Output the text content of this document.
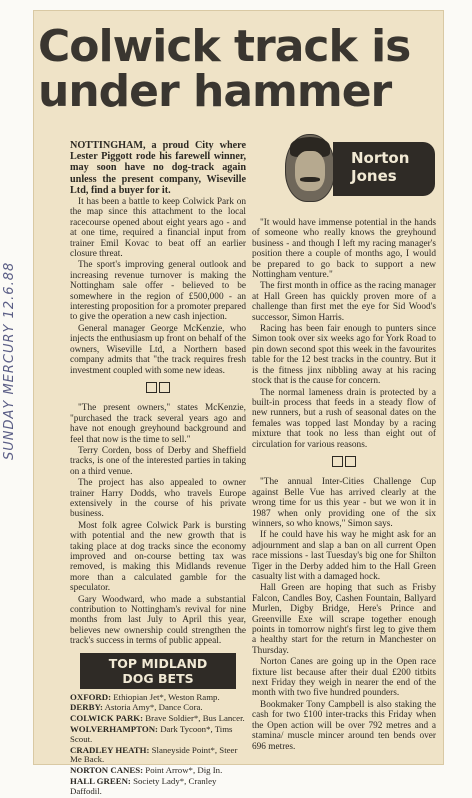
SUNDAY MERCURY 12.6.88
Colwick track is
under hammer
Norton
Jones

NOTTINGHAM, a proud City where Lester Piggott rode his farewell winner, may soon have no dog-track again unless the present company, Wiseville Ltd, find a buyer for it.

It has been a battle to keep Colwick Park on the map since this attachment to the local racecourse opened about eight years ago - and at one time, required a financial input from trainer Emil Kovac to beat off an earlier closure threat.

The sport's improving general outlook and increasing revenue turnover is making the Nottingham sale offer - believed to be somewhere in the region of £500,000 - an interesting proposition for a promoter prepared to give the operation a new cash injection.

General manager George McKenzie, who injects the enthusiasm up front on behalf of the owners, Wiseville Ltd, a Northern based company admits that "the track requires fresh investment coupled with some new ideas.

"The present owners," states McKenzie, "purchased the track several years ago and have not enough greyhound background and feel that now is the time to sell."

Terry Corden, boss of Derby and Sheffield tracks, is one of the interested parties in taking on a third venue.

The project has also appealed to owner trainer Harry Dodds, who travels Europe extensively in the course of his private business.

Most folk agree Colwick Park is bursting with potential and the new growth that is taking place at dog tracks since the economy improved and on-course betting tax was removed, is making this Midlands revenue more than a calculated gamble for the speculator.

Gary Woodward, who made a substantial contribution to Nottingham's revival for nine months from last July to April this year, believes new ownership could strengthen the track's success in terms of public appeal.

TOP MIDLAND
DOG BETS

OXFORD: Ethiopian Jet*, Weston Ramp.

DERBY: Astoria Amy*, Dance Cora.

COLWICK PARK: Brave Soldier*, Bus Lancer.

WOLVERHAMPTON: Dark Tycoon*, Tims Scout.

CRADLEY HEATH: Slaneyside Point*, Steer Me Back.

NORTON CANES: Point Arrow*, Dig In.

HALL GREEN: Society Lady*, Cranley Daffodil.

"It would have immense potential in the hands of someone who really knows the greyhound business - and though I left my racing manager's position there a couple of months ago, I would be prepared to go back to support a new Nottingham venture."

The first month in office as the racing manager at Hall Green has quickly proven more of a challenge than first met the eye for Sid Wood's successor, Simon Harris.

Racing has been fair enough to punters since Simon took over six weeks ago for York Road to pin down second spot this week in the favourites table for the 12 best tracks in the country. But it is the fitness jinx nibbling away at his racing stock that is the cause for concern.

The normal lameness drain is protected by a built-in process that feeds in a steady flow of new runners, but a rush of seasonal dates on the females was topped last Monday by a racing mixture that took no less than eight out of circulation for various reasons.

"The annual Inter-Cities Challenge Cup against Belle Vue has arrived clearly at the wrong time for us this year - but we won it in 1987 when only providing one of the six winners, so who knows," Simon says.

If he could have his way he might ask for an adjournment and slap a ban on all current Open race missions - last Tuesday's big one for Shilton Tiger in the Derby added him to the Hall Green casualty list with a damaged hock.

Hall Green are hoping that such as Frisby Falcon, Candles Boy, Cashen Fountain, Ballyard Murlen, Digby Bridge, Here's Prince and Greenville Exe will scrape together enough points in tomorrow night's first leg to give them a healthy start for the return in Manchester on Thursday.

Norton Canes are going up in the Open race fixture list because after their dual £200 titbits next Friday they weigh in nearer the end of the month with two five hundred pounders.

Bookmaker Tony Campbell is also staking the cash for two £100 inter-tracks this Friday when the Open action will be over 792 metres and a stamina/ muscle mincer around ten bends over 696 metres.
